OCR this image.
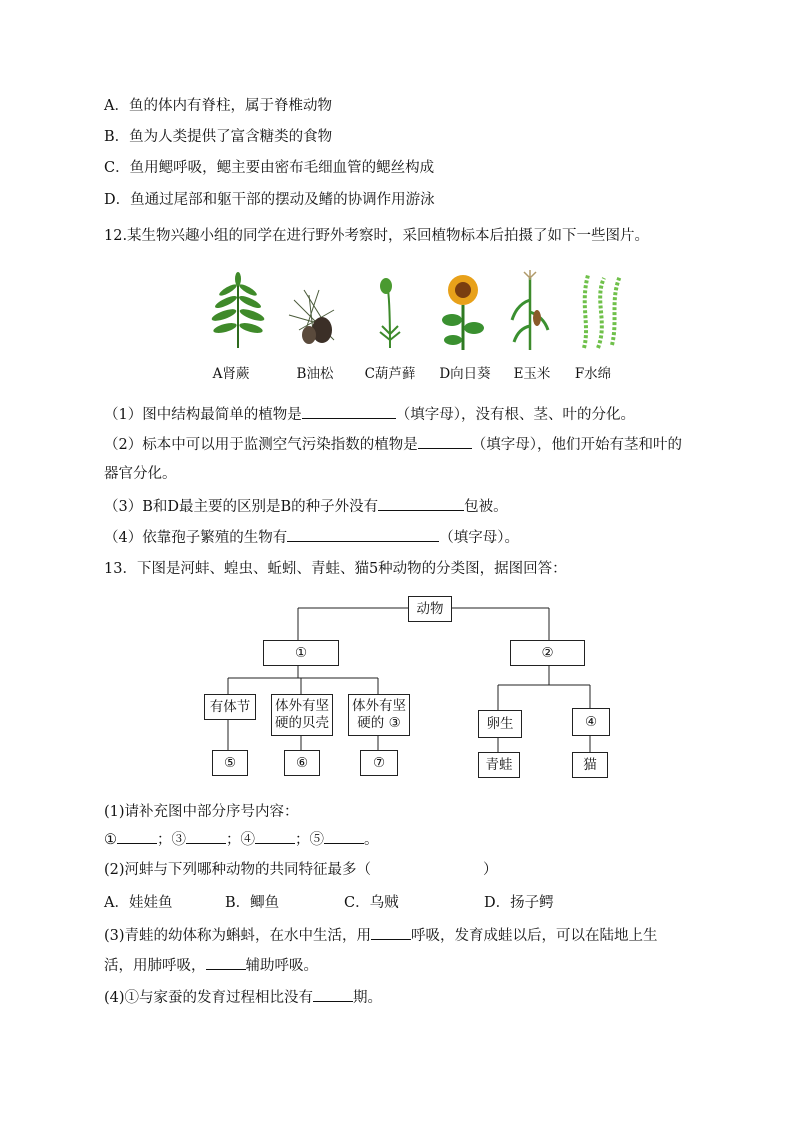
A．鱼的体内有脊柱，属于脊椎动物
B．鱼为人类提供了富含糖类的食物
C．鱼用鳃呼吸，鳃主要由密布毛细血管的鳃丝构成
D．鱼通过尾部和躯干部的摆动及鳍的协调作用游泳
12.某生物兴趣小组的同学在进行野外考察时，采回植物标本后拍摄了如下一些图片。
A肾蕨	B油松	C葫芦藓	D向日葵	E玉米	F水绵
（1）图中结构最简单的植物是	（填字母），没有根、茎、叶的分化。
（2）标本中可以用于监测空气污染指数的植物是	（填字母），他们开始有茎和叶的
器官分化。
（3）B和D最主要的区别是B的种子外没有	包被。
（4）依靠孢子繁殖的生物有	（填字母）。
13．下图是河蚌、蝗虫、蚯蚓、青蛙、猫5种动物的分类图，据图回答：
动物
①	②
有体节	体外有坚
硬的贝壳
体外有坚
硬的 ③	卵生	④
⑤	⑥	⑦	青蛙	猫
(1)请补充图中部分序号内容：
①	；③	；④	；⑤	。
(2)河蚌与下列哪种动物的共同特征最多（	）
A．娃娃鱼	B．鲫鱼	C．乌贼	D．扬子鳄
(3)青蛙的幼体称为蝌蚪，在水中生活，用	呼吸，发育成蛙以后，可以在陆地上生
活，用肺呼吸，	辅助呼吸。
(4)①与家蚕的发育过程相比没有	期。
